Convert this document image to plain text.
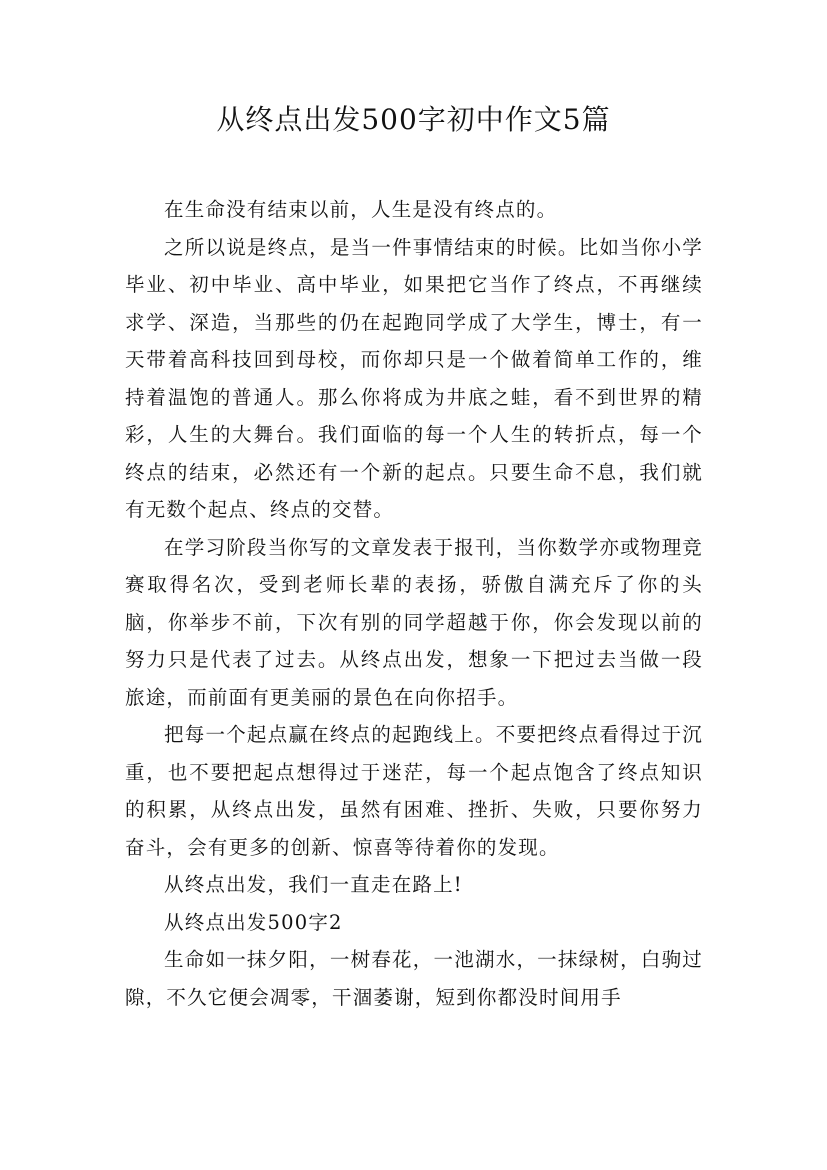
从终点出发500字初中作文5篇

在生命没有结束以前，人生是没有终点的。

之所以说是终点，是当一件事情结束的时候。比如当你小学毕业、初中毕业、高中毕业，如果把它当作了终点，不再继续求学、深造，当那些的仍在起跑同学成了大学生，博士，有一天带着高科技回到母校，而你却只是一个做着简单工作的，维持着温饱的普通人。那么你将成为井底之蛙，看不到世界的精彩，人生的大舞台。我们面临的每一个人生的转折点，每一个终点的结束，必然还有一个新的起点。只要生命不息，我们就有无数个起点、终点的交替。

在学习阶段当你写的文章发表于报刊，当你数学亦或物理竞赛取得名次，受到老师长辈的表扬，骄傲自满充斥了你的头脑，你举步不前，下次有别的同学超越于你，你会发现以前的努力只是代表了过去。从终点出发，想象一下把过去当做一段旅途，而前面有更美丽的景色在向你招手。

把每一个起点赢在终点的起跑线上。不要把终点看得过于沉重，也不要把起点想得过于迷茫，每一个起点饱含了终点知识的积累，从终点出发，虽然有困难、挫折、失败，只要你努力奋斗，会有更多的创新、惊喜等待着你的发现。

从终点出发，我们一直走在路上!

从终点出发500字2

生命如一抹夕阳，一树春花，一池湖水，一抹绿树，白驹过隙，不久它便会凋零，干涸萎谢，短到你都没时间用手
